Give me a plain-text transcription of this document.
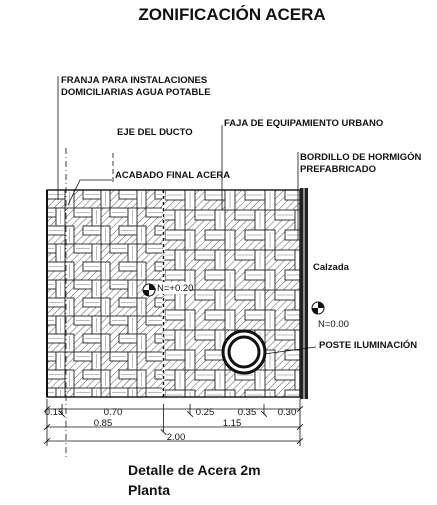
ZONIFICACIÓN ACERA
FRANJA PARA INSTALACIONES
DOMICILIARIAS AGUA POTABLE
EJE DEL DUCTO
FAJA DE EQUIPAMIENTO URBANO
BORDILLO DE HORMIGÓN
PREFABRICADO
ACABADO FINAL ACERA
Calzada
POSTE ILUMINACIÓN
N=+0.20
N=0.00
0.15	0.70	0.25 0.35 0.30
0.85	1.15
2.00
Detalle de Acera 2m
Planta
